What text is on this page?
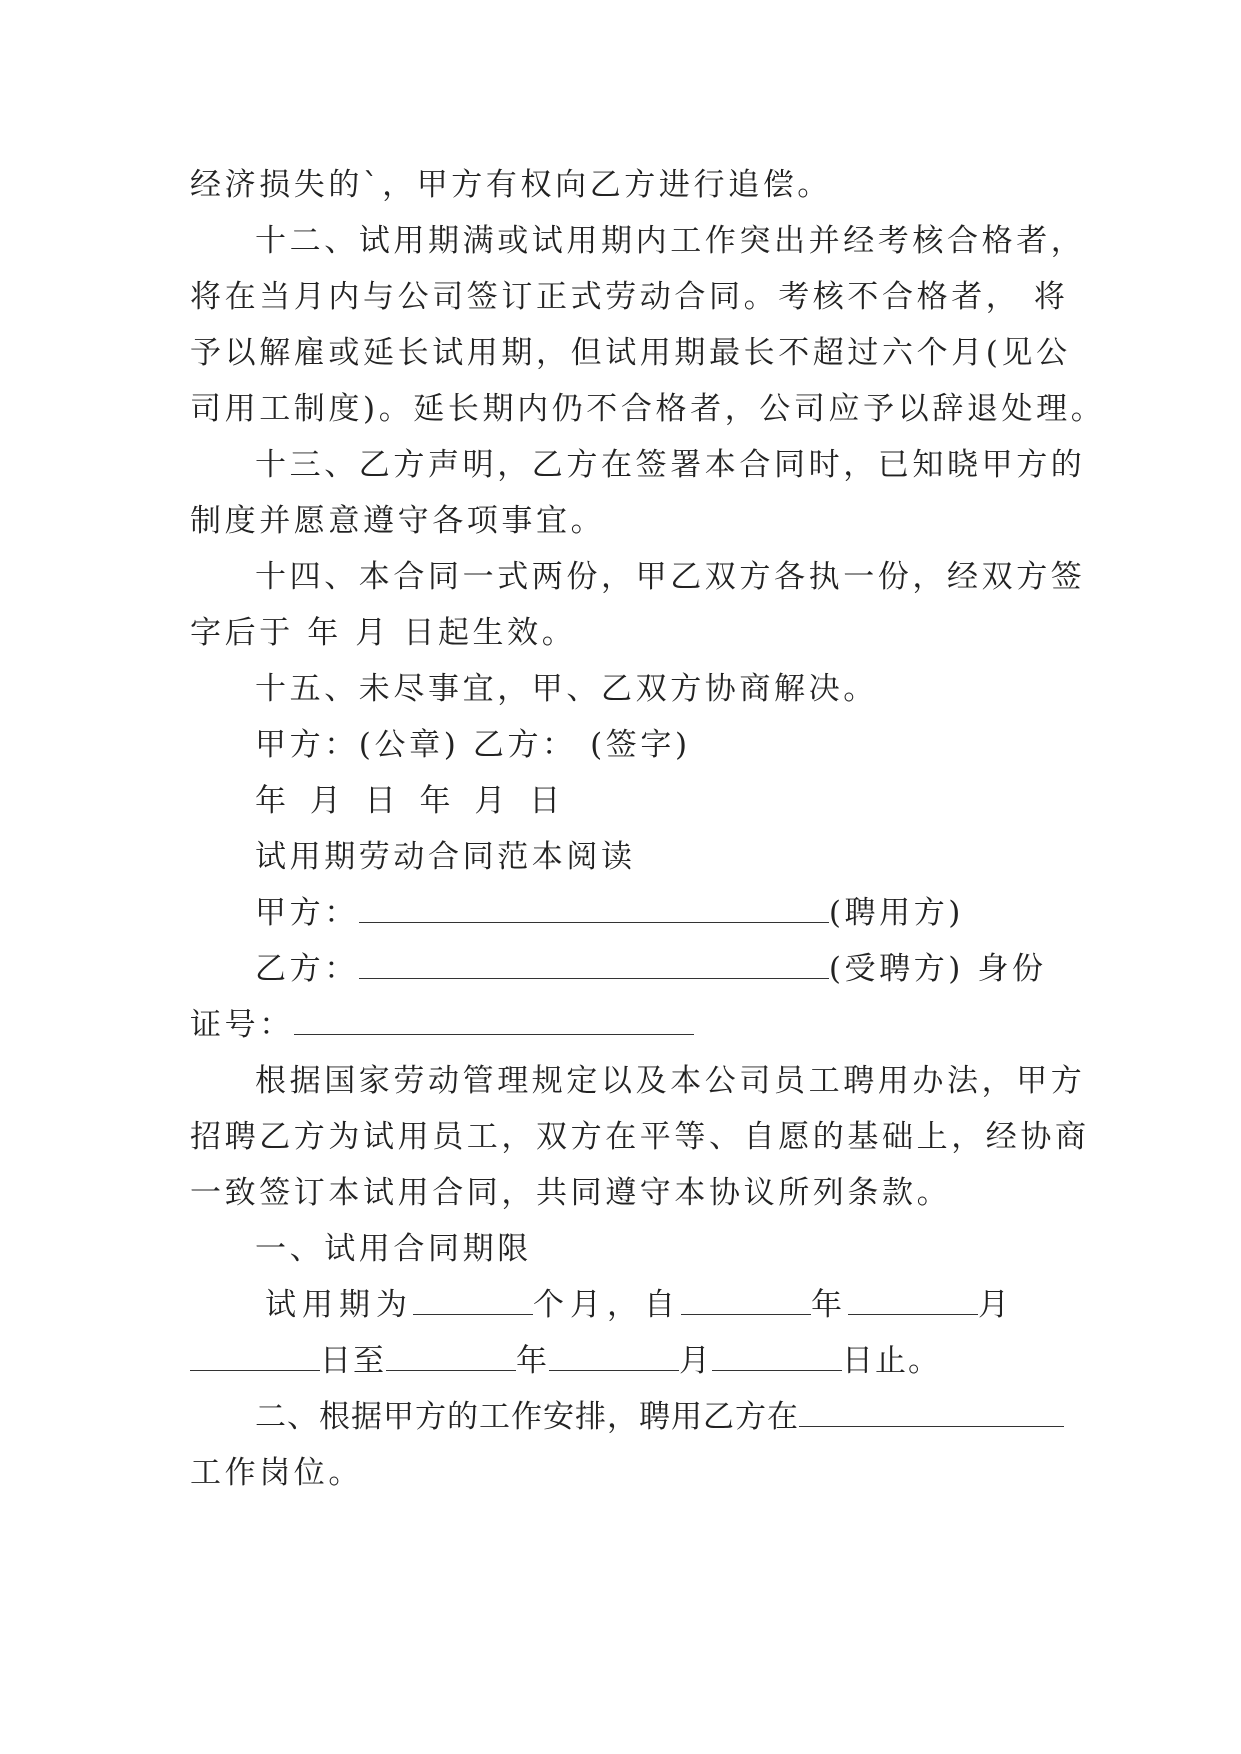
经济损失的`，甲方有权向乙方进行追偿。
十二、试用期满或试用期内工作突出并经考核合格者，
将在当月内与公司签订正式劳动合同。考核不合格者， 将
予以解雇或延长试用期，但试用期最长不超过六个月(见公
司用工制度)。延长期内仍不合格者，公司应予以辞退处理。
十三、乙方声明，乙方在签署本合同时，已知晓甲方的
制度并愿意遵守各项事宜。
十四、本合同一式两份，甲乙双方各执一份，经双方签
字后于 年 月 日起生效。
十五、未尽事宜，甲、乙双方协商解决。
甲方：(公章) 乙方： (签字)
年 月 日 年 月 日
试用期劳动合同范本阅读
甲方：	(聘用方)
乙方：	(受聘方) 身份
证号：
根据国家劳动管理规定以及本公司员工聘用办法，甲方
招聘乙方为试用员工，双方在平等、自愿的基础上，经协商
一致签订本试用合同，共同遵守本协议所列条款。
一、试用合同期限
试用期为	个月，自	年	月
日至	年	月	日止。
二、根据甲方的工作安排，聘用乙方在
工作岗位。
